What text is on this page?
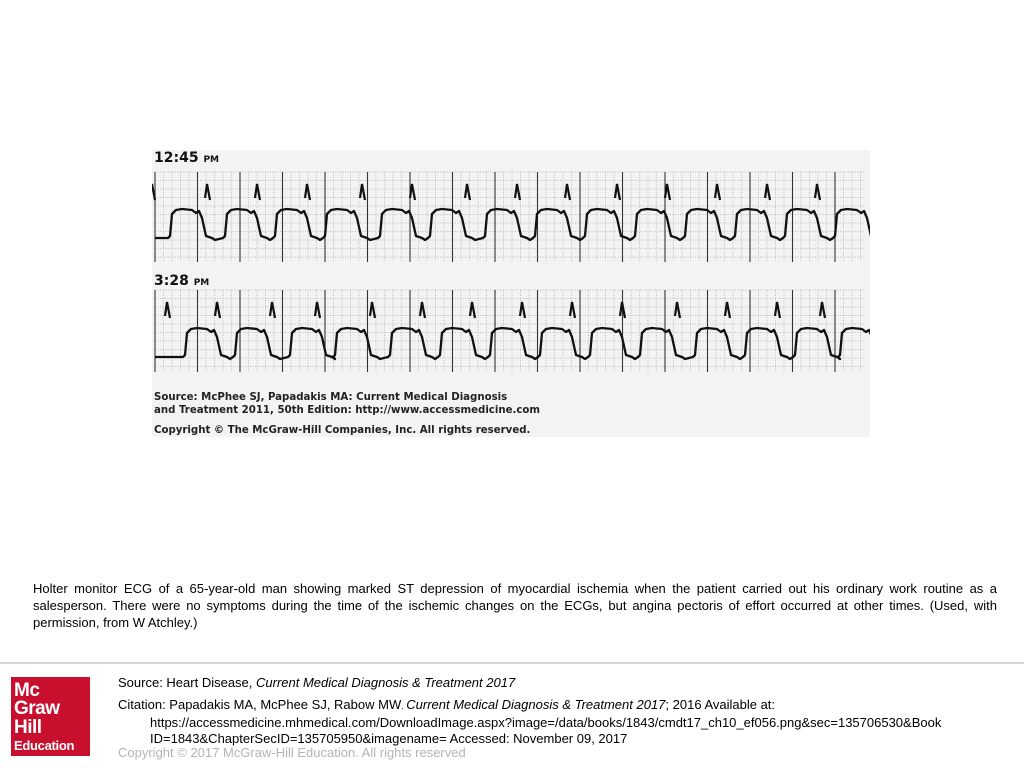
12:45 PM
3:28 PM
Source: McPhee SJ, Papadakis MA: Current Medical Diagnosis
and Treatment 2011, 50th Edition: http://www.accessmedicine.com
Copyright © The McGraw-Hill Companies, Inc. All rights reserved.
Holter monitor ECG of a 65-year-old man showing marked ST depression of myocardial ischemia when the patient carried out his ordinary work routine as a salesperson. There were no symptoms during the time of the ischemic changes on the ECGs, but angina pectoris of effort occurred at other times. (Used, with permission, from W Atchley.)
Mc
Graw
Hill
Education
Source: Heart Disease, Current Medical Diagnosis & Treatment 2017
Citation: Papadakis MA, McPhee SJ, Rabow MW. Current Medical Diagnosis & Treatment 2017; 2016 Available at:
https://accessmedicine.mhmedical.com/DownloadImage.aspx?image=/data/books/1843/cmdt17_ch10_ef056.png&sec=135706530&Book
ID=1843&ChapterSecID=135705950&imagename= Accessed: November 09, 2017
Copyright © 2017 McGraw-Hill Education. All rights reserved
